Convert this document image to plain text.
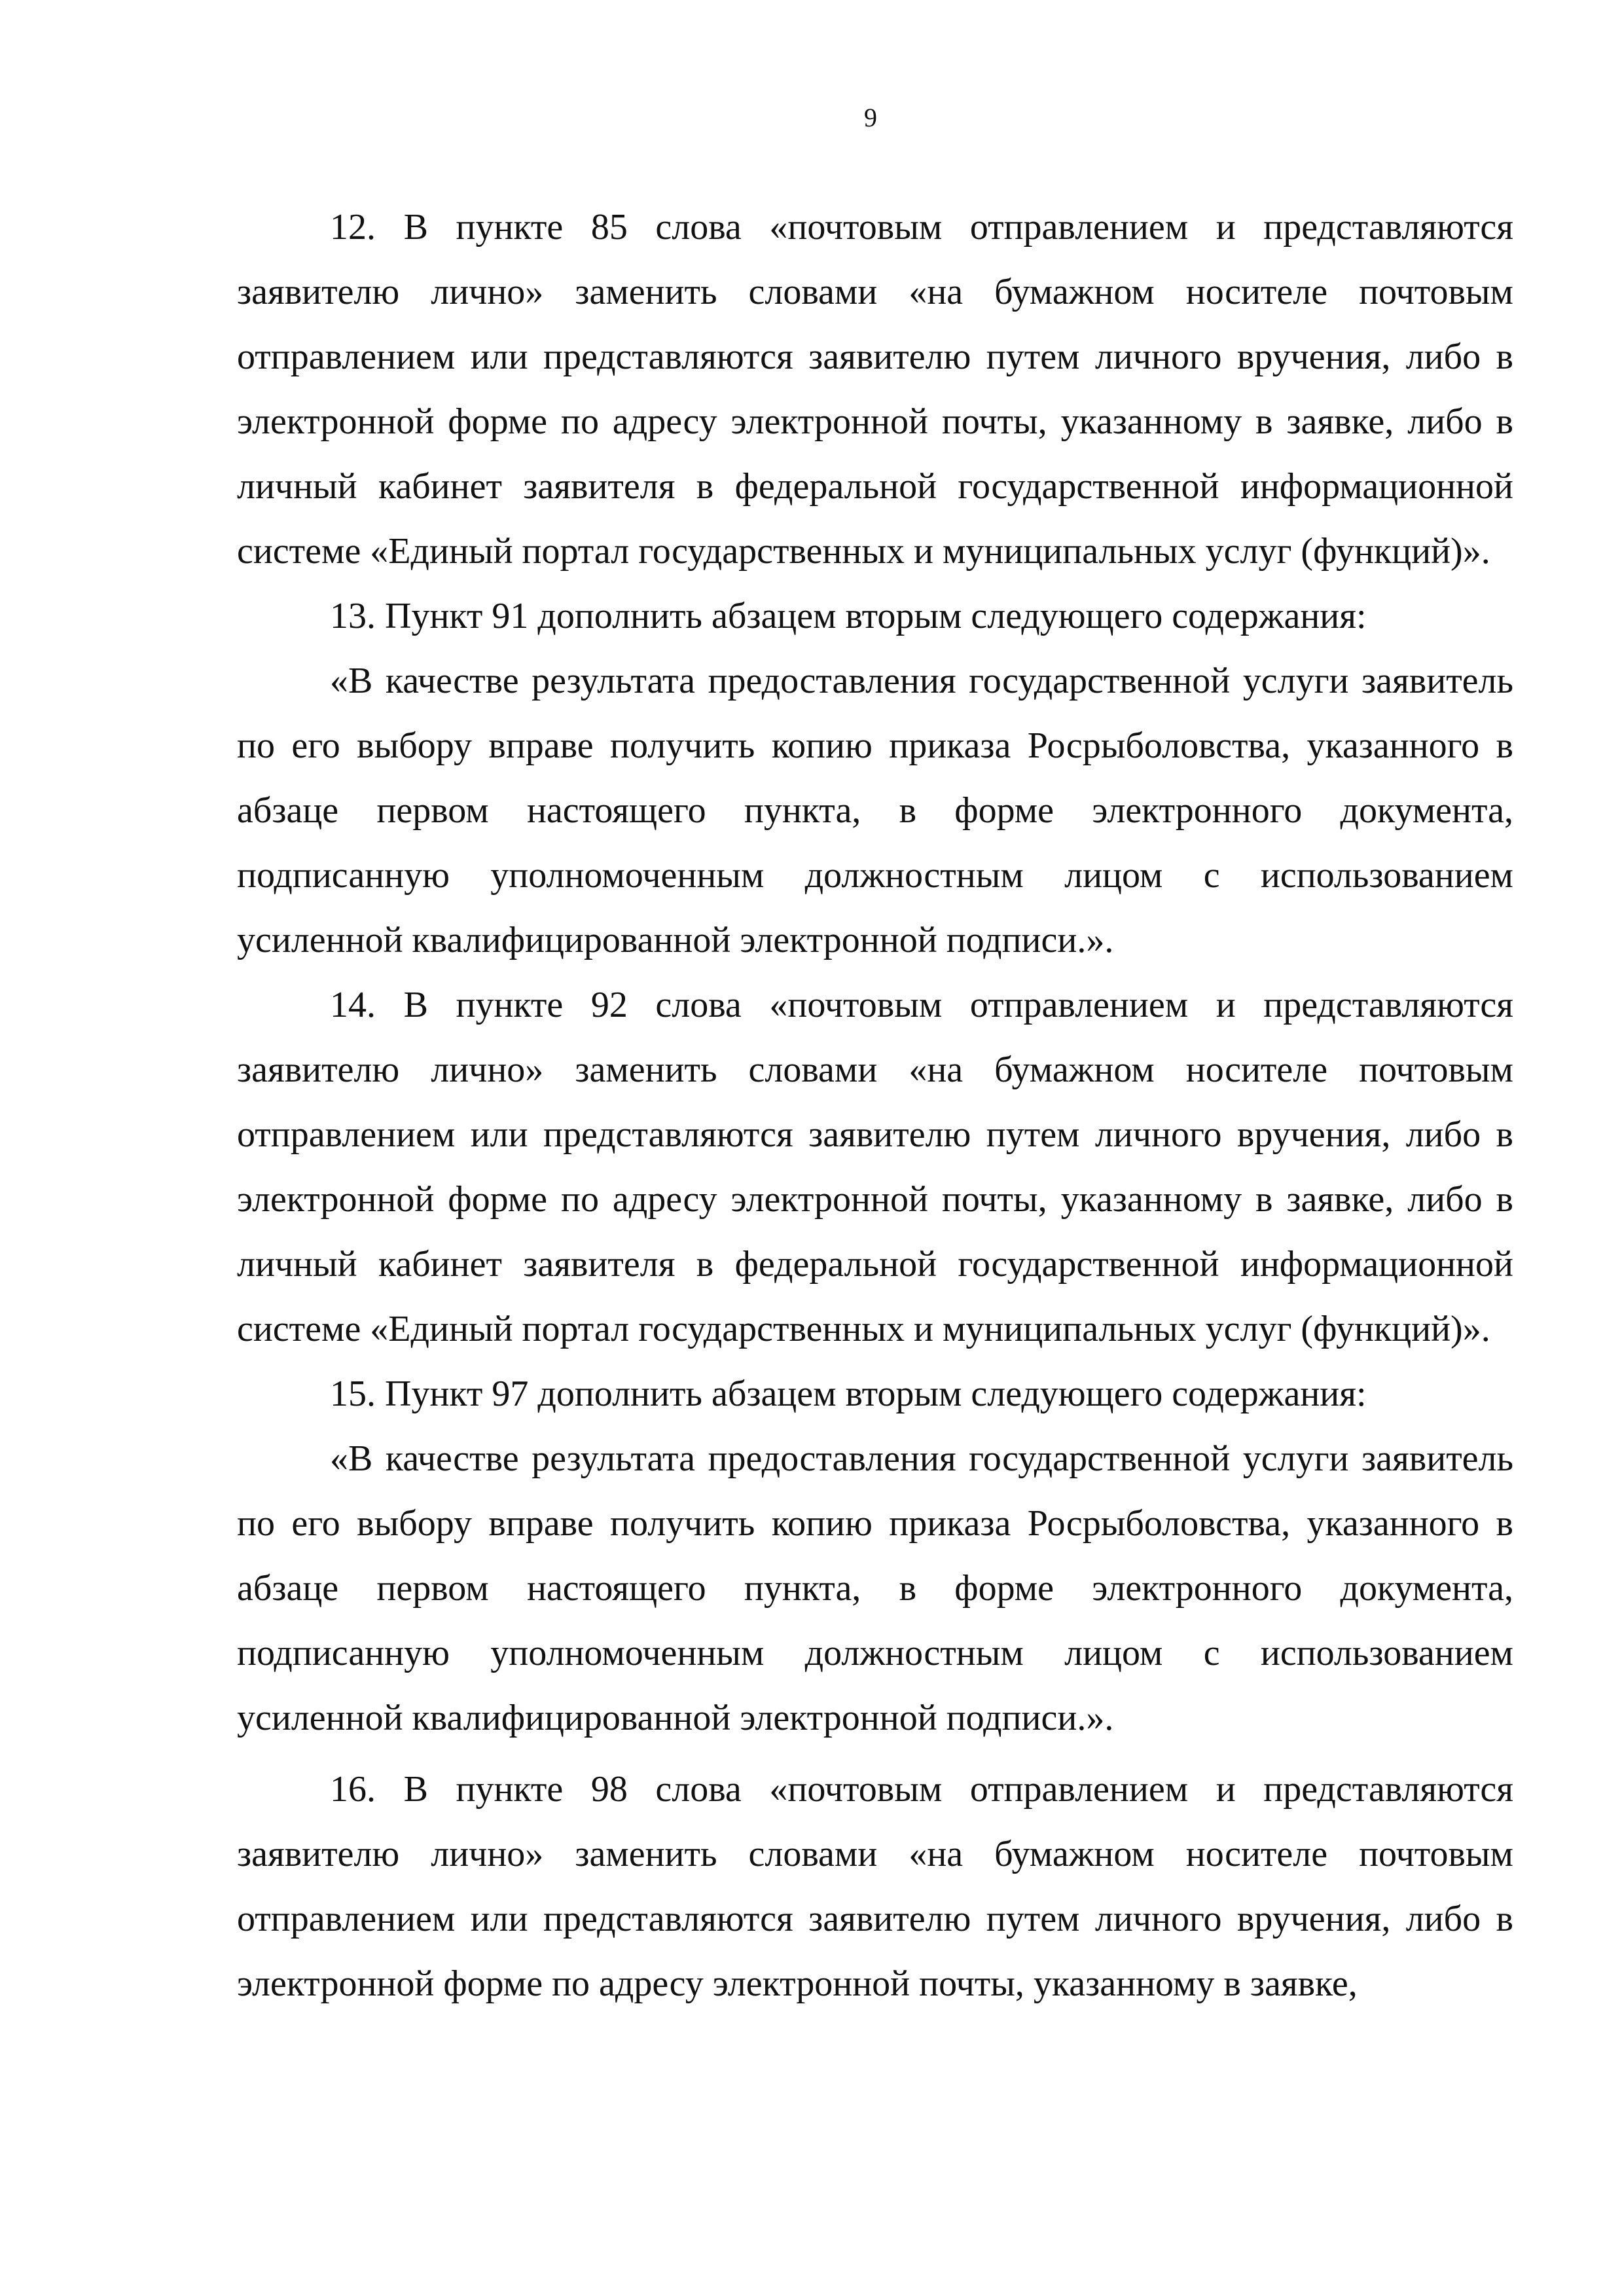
9

12. В пункте 85 слова «почтовым отправлением и представляются заявителю лично» заменить словами «на бумажном носителе почтовым отправлением или представляются заявителю путем личного вручения, либо в электронной форме по адресу электронной почты, указанному в заявке, либо в личный кабинет заявителя в федеральной государственной информационной системе «Единый портал государственных и муниципальных услуг (функций)».

13. Пункт 91 дополнить абзацем вторым следующего содержания:

«В качестве результата предоставления государственной услуги заявитель по его выбору вправе получить копию приказа Росрыболовства, указанного в абзаце первом настоящего пункта, в форме электронного документа, подписанную уполномоченным должностным лицом с использованием усиленной квалифицированной электронной подписи.».

14. В пункте 92 слова «почтовым отправлением и представляются заявителю лично» заменить словами «на бумажном носителе почтовым отправлением или представляются заявителю путем личного вручения, либо в электронной форме по адресу электронной почты, указанному в заявке, либо в личный кабинет заявителя в федеральной государственной информационной системе «Единый портал государственных и муниципальных услуг (функций)».

15. Пункт 97 дополнить абзацем вторым следующего содержания:

«В качестве результата предоставления государственной услуги заявитель по его выбору вправе получить копию приказа Росрыболовства, указанного в абзаце первом настоящего пункта, в форме электронного документа, подписанную уполномоченным должностным лицом с использованием усиленной квалифицированной электронной подписи.».

16. В пункте 98 слова «почтовым отправлением и представляются заявителю лично» заменить словами «на бумажном носителе почтовым отправлением или представляются заявителю путем личного вручения, либо в электронной форме по адресу электронной почты, указанному в заявке,
